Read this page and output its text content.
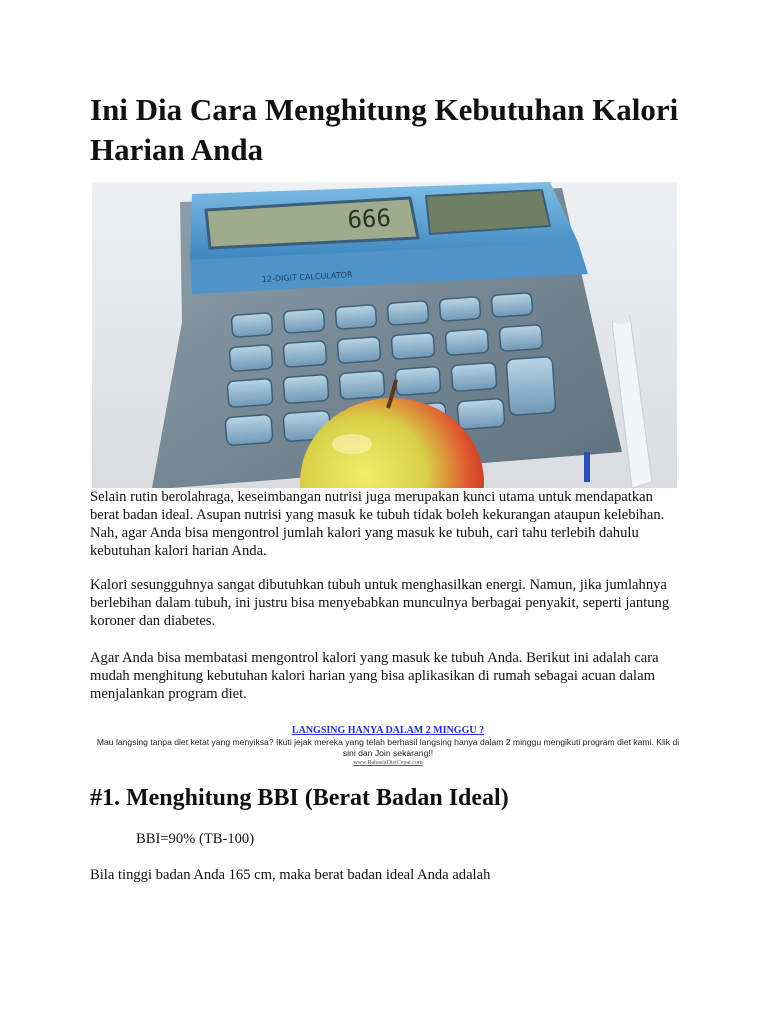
Ini Dia Cara Menghitung Kebutuhan Kalori Harian Anda
666
12-DIGIT CALCULATOR

Selain rutin berolahraga, keseimbangan nutrisi juga merupakan kunci utama untuk mendapatkan berat badan ideal. Asupan nutrisi yang masuk ke tubuh tidak boleh kekurangan ataupun kelebihan. Nah, agar Anda bisa mengontrol jumlah kalori yang masuk ke tubuh, cari tahu terlebih dahulu kebutuhan kalori harian Anda.

Kalori sesungguhnya sangat dibutuhkan tubuh untuk menghasilkan energi. Namun, jika jumlahnya berlebihan dalam tubuh, ini justru bisa menyebabkan munculnya berbagai penyakit, seperti jantung koroner dan diabetes.

Agar Anda bisa membatasi mengontrol kalori yang masuk ke tubuh Anda. Berikut ini adalah cara mudah menghitung kebutuhan kalori harian yang bisa aplikasikan di rumah sebagai acuan dalam menjalankan program diet.

LANGSING HANYA DALAM 2 MINGGU ?
Mau langsing tanpa diet ketat yang menyiksa? Ikuti jejak mereka yang telah berhasil langsing hanya dalam 2 minggu mengikuti program diet kami. Klik di sini dan Join sekarang!!
www.RahasiaDietCepat.com
#1. Menghitung BBI (Berat Badan Ideal)

BBI=90% (TB-100)

Bila tinggi badan Anda 165 cm, maka berat badan ideal Anda adalah
